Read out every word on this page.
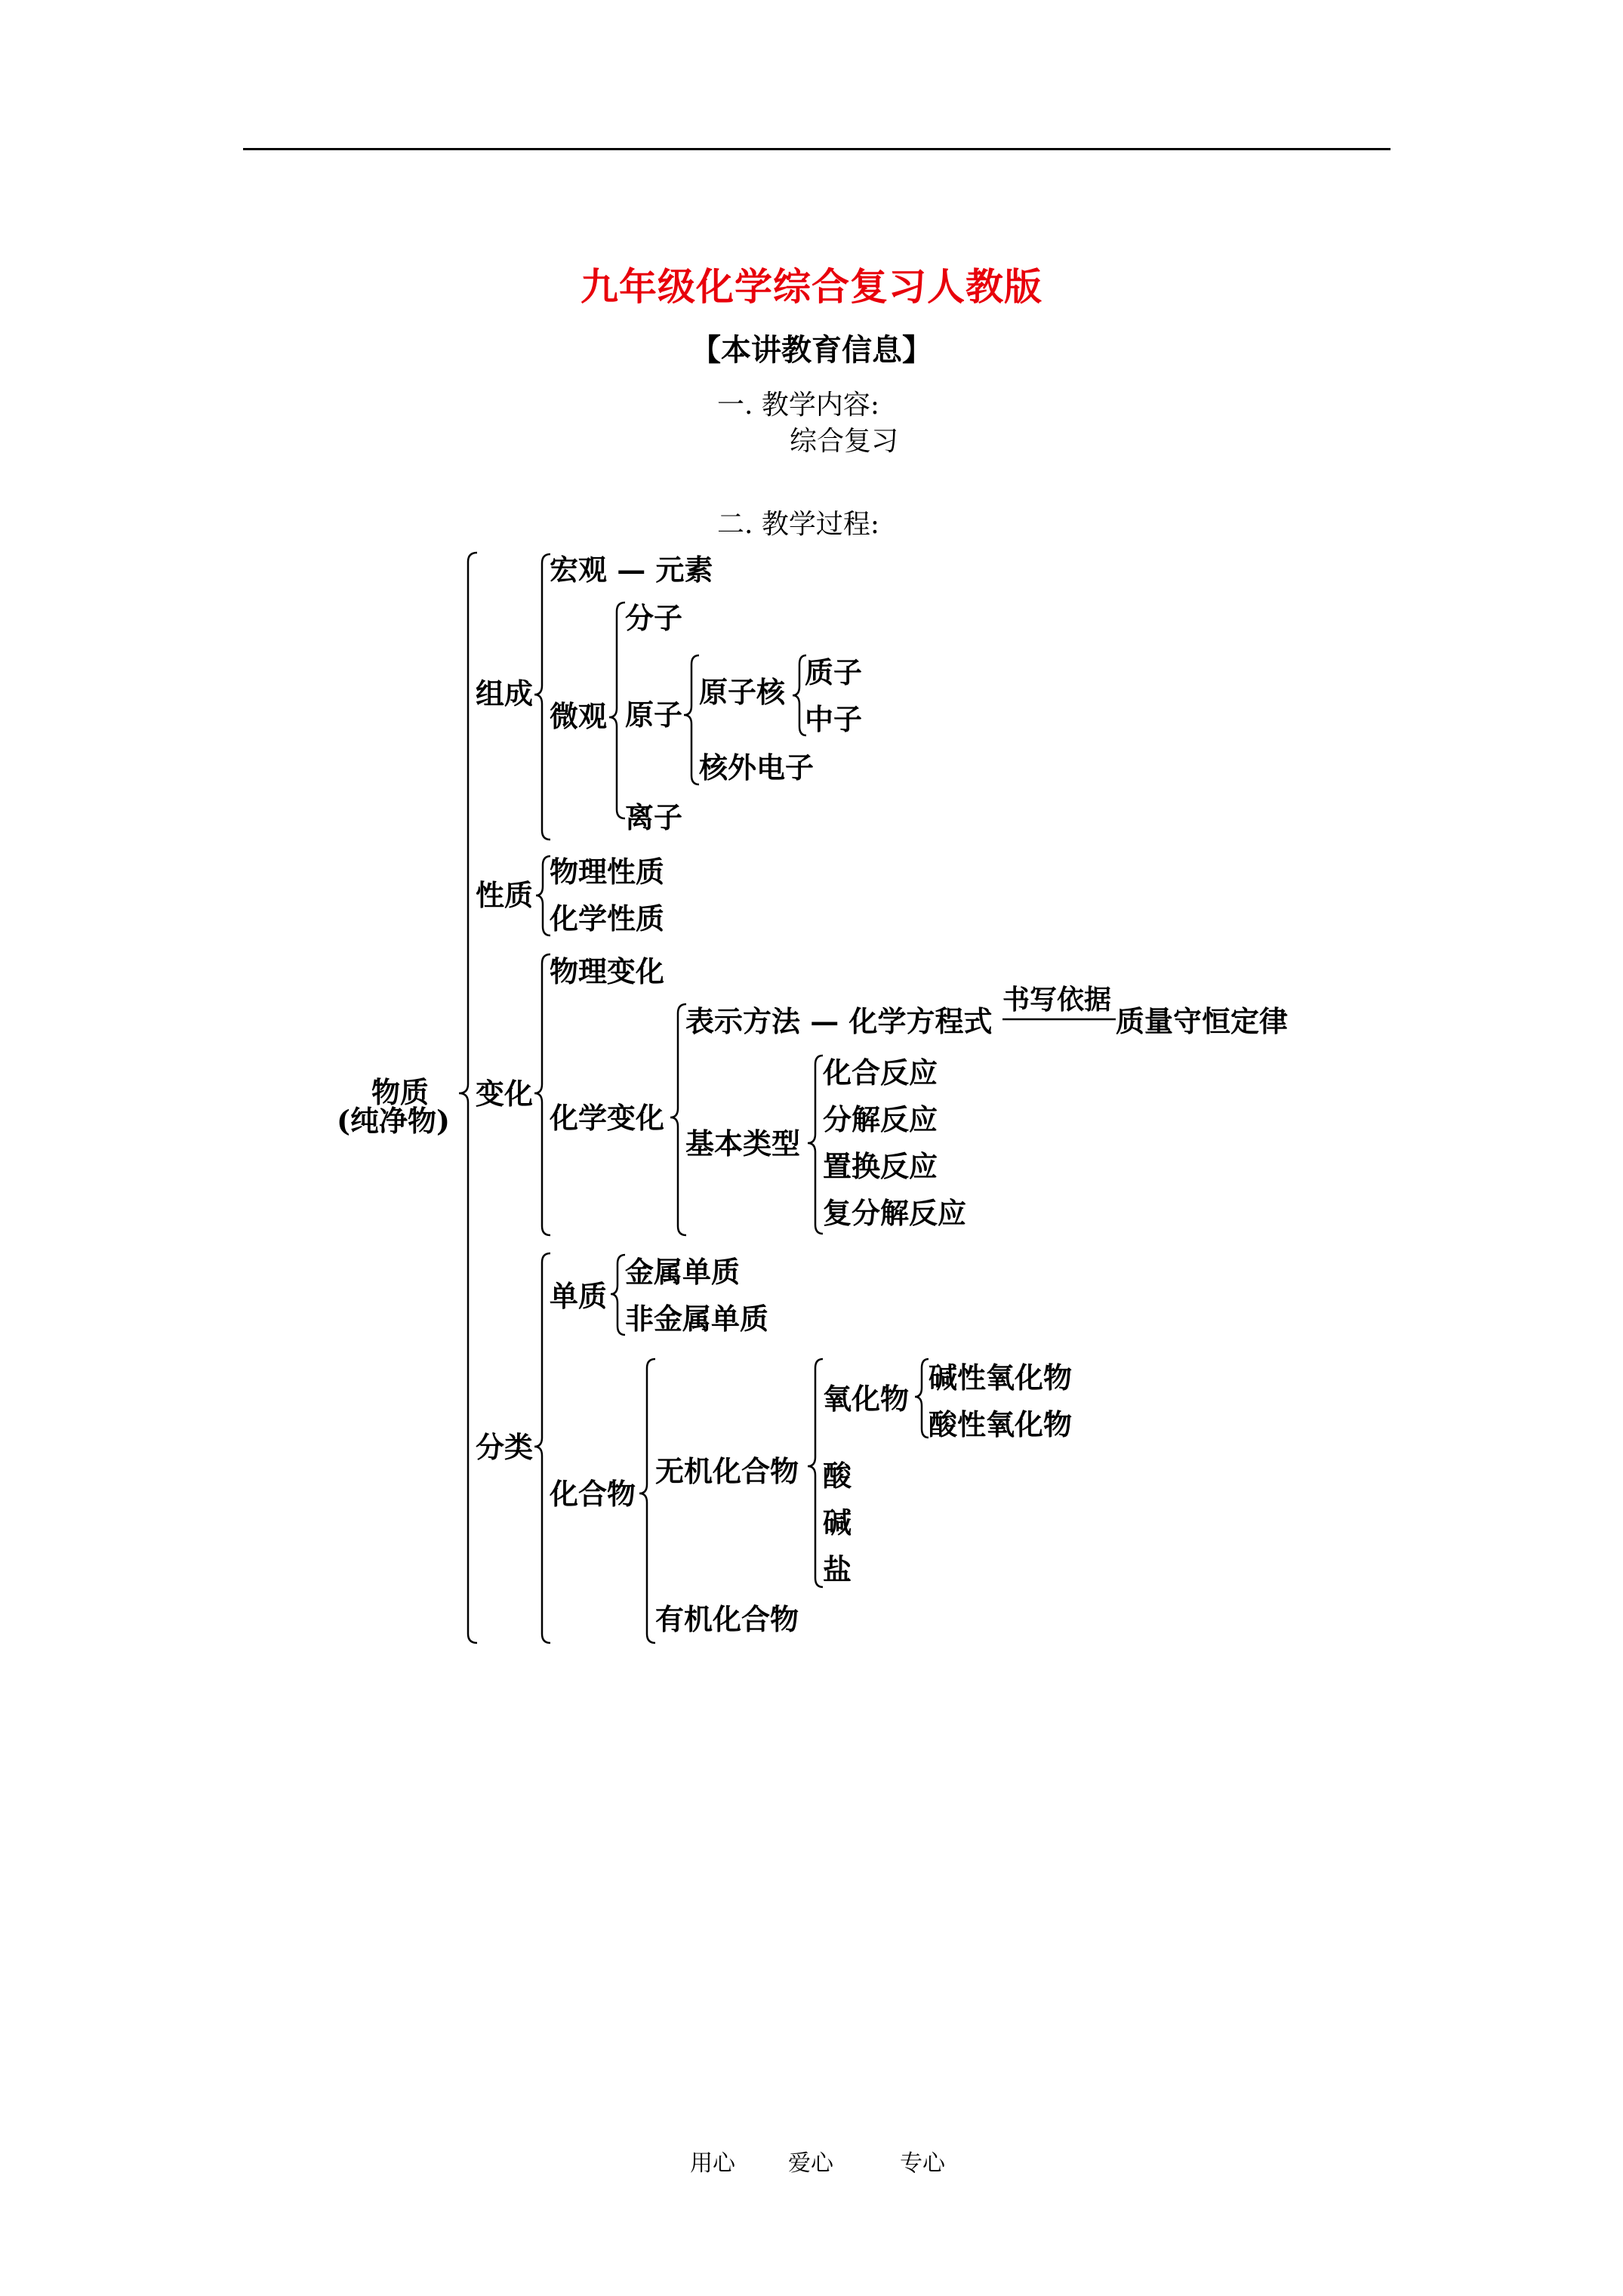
九年级化学综合复习人教版
【本讲教育信息】
一. 教学内容:
综合复习
二. 教学过程:
物质
(纯净物)
组成
宏观 — 元素
微观
分子
原子
原子核
质子
中子
核外电子
离子
性质
物理性质
化学性质
变化
物理变化
化学变化
表示方法 — 化学方程式
书写依据
质量守恒定律
基本类型
化合反应
分解反应
置换反应
复分解反应
分类
单质
金属单质
非金属单质
化合物
无机化合物
氧化物
碱性氧化物
酸性氧化物
酸
碱
盐
有机化合物
用心 爱心	专心
